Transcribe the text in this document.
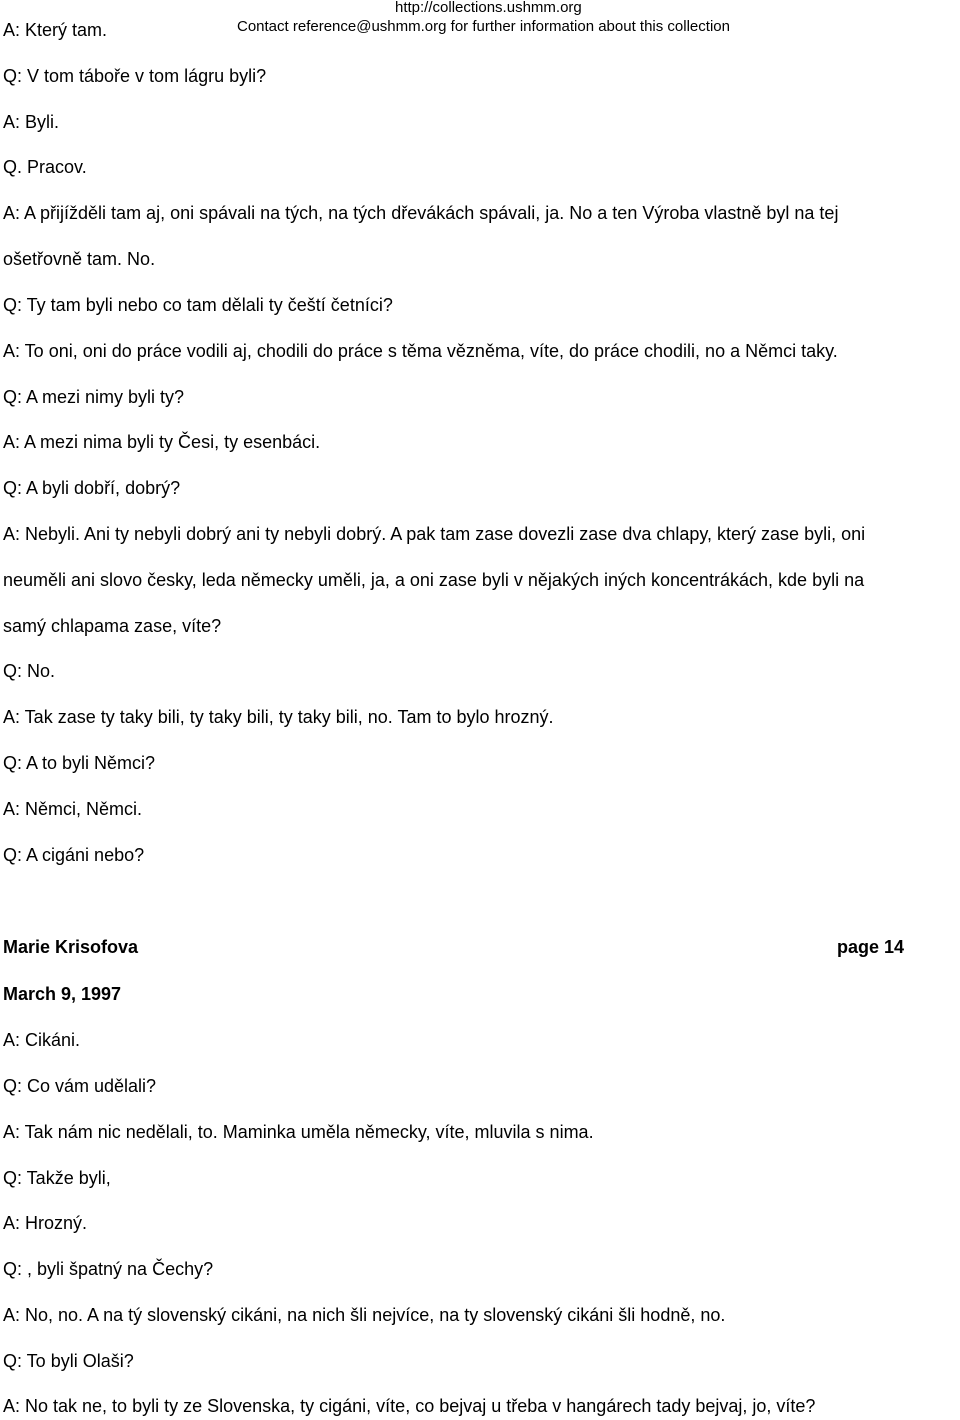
http://collections.ushmm.org
Contact reference@ushmm.org for further information about this collection
A: Který tam.
Q: V tom táboře v tom lágru byli?
A: Byli.
Q. Pracov.
A: A přijížděli tam aj, oni spávali na tých, na tých dřevákách spávali, ja. No a ten Výroba vlastně byl na tej
ošetřovně tam. No.
Q: Ty tam byli nebo co tam dělali ty čeští četníci?
A: To oni, oni do práce vodili aj, chodili do práce s těma vězněma, víte, do práce chodili, no a Němci taky.
Q: A mezi nimy byli ty?
A: A mezi nima byli ty Česi, ty esenbáci.
Q: A byli dobří, dobrý?
A: Nebyli. Ani ty nebyli dobrý ani ty nebyli dobrý. A pak tam zase dovezli zase dva chlapy, který zase byli, oni
neuměli ani slovo česky, leda německy uměli, ja, a oni zase byli v nějakých iných koncentrákách, kde byli na
samý chlapama zase, víte?
Q: No.
A: Tak zase ty taky bili, ty taky bili, ty taky bili, no. Tam to bylo hrozný.
Q: A to byli Němci?
A: Němci, Němci.
Q: A cigáni nebo?
Marie Krisofova	page 14
March 9, 1997
A: Cikáni.
Q: Co vám udělali?
A: Tak nám nic nedělali, to. Maminka uměla německy, víte, mluvila s nima.
Q: Takže byli,
A: Hrozný.
Q: , byli špatný na Čechy?
A: No, no. A na tý slovenský cikáni, na nich šli nejvíce, na ty slovenský cikáni šli hodně, no.
Q: To byli Olaši?
A: No tak ne, to byli ty ze Slovenska, ty cigáni, víte, co bejvaj u třeba v hangárech tady bejvaj, jo, víte?
